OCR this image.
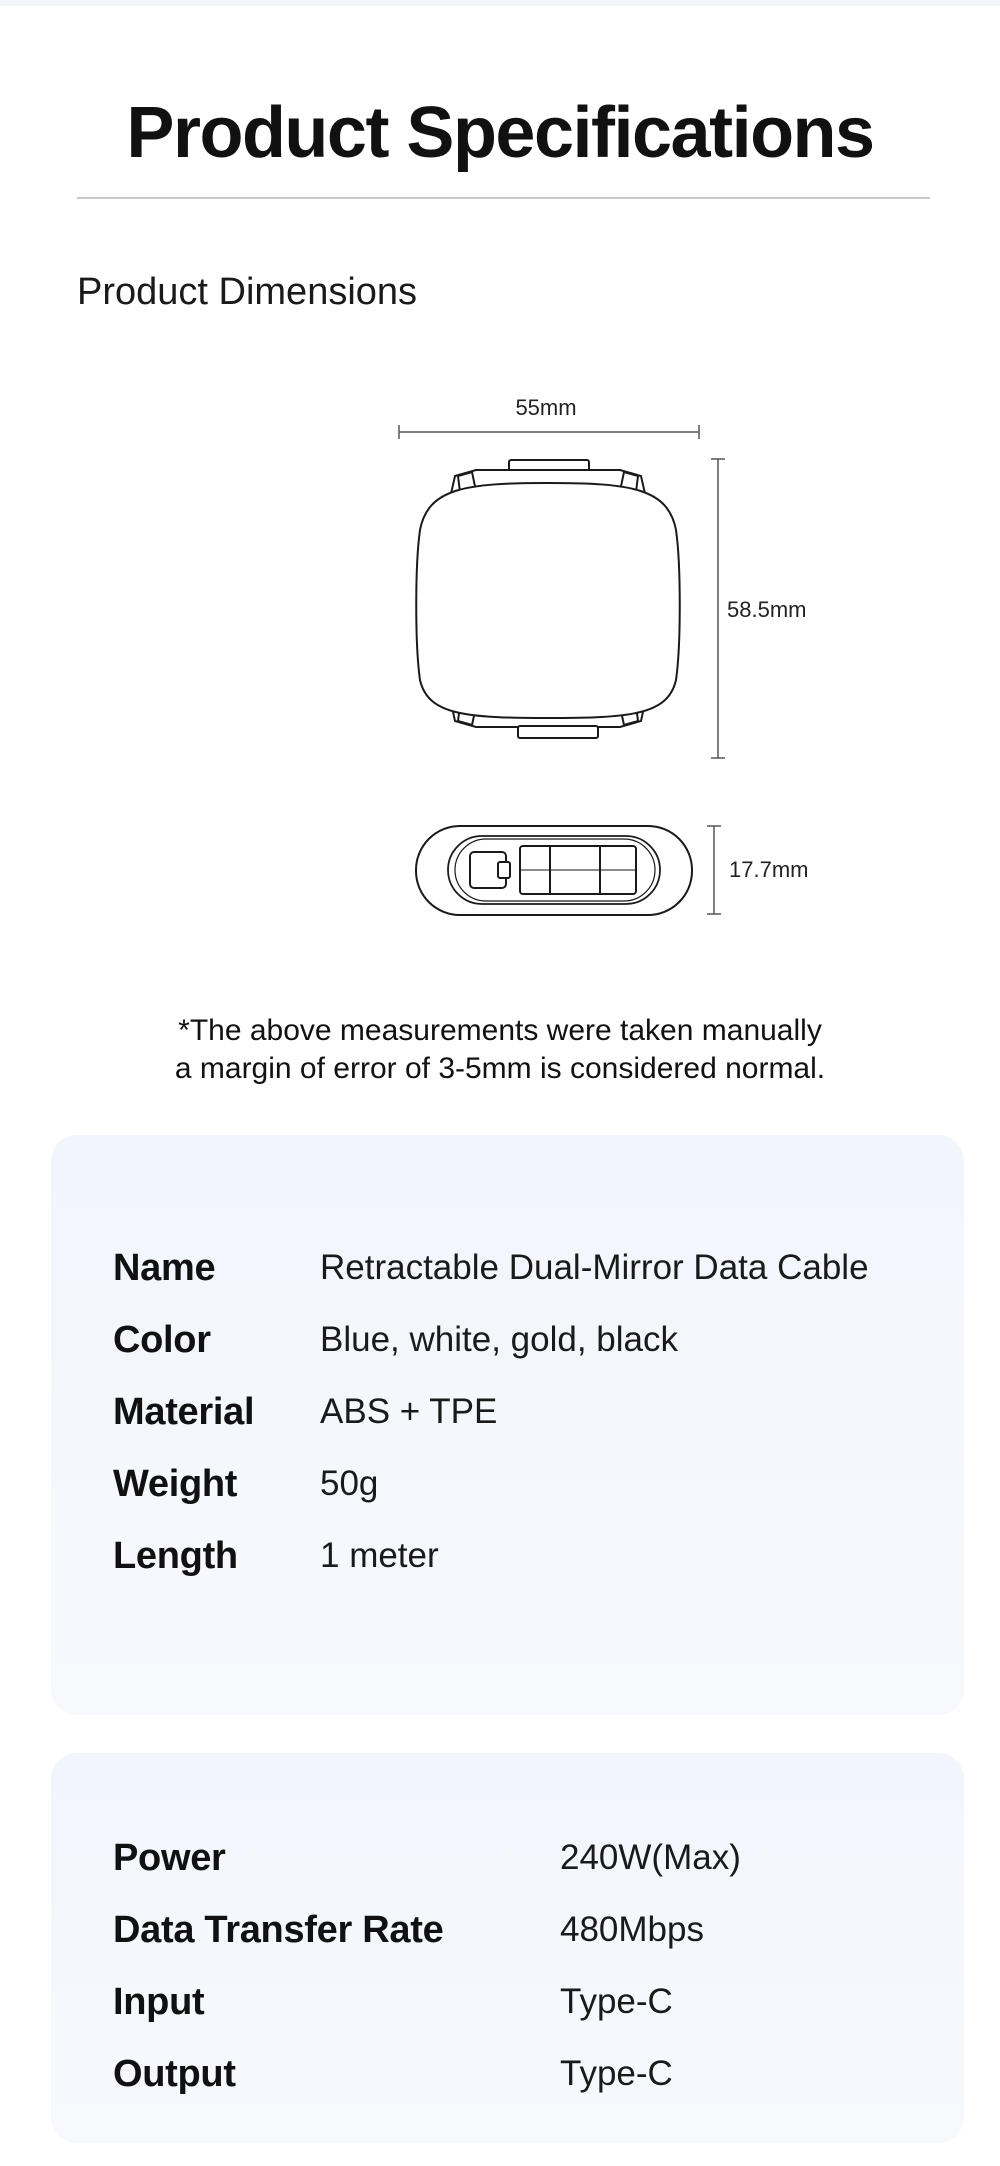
Product Specifications
Product Dimensions
55mm
58.5mm
17.7mm
*The above measurements were taken manually
a margin of error of 3-5mm is considered normal.
Name	Retractable Dual-Mirror Data Cable
Color	Blue, white, gold, black
Material ABS + TPE
Weight 50g
Length 1 meter
Power	240W(Max)
Data Transfer Rate	480Mbps
Input	Type-C
Output	Type-C
